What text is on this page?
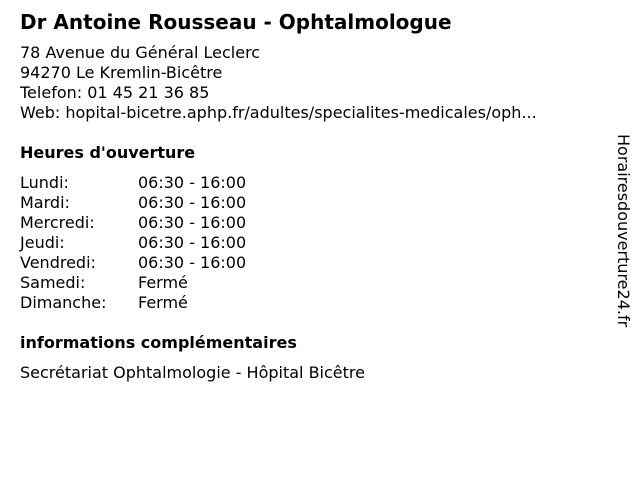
Dr Antoine Rousseau - Ophtalmologue
78 Avenue du Général Leclerc
94270 Le Kremlin-Bicêtre
Telefon: 01 45 21 36 85
Web: hopital-bicetre.aphp.fr/adultes/specialites-medicales/oph...
Heures d'ouverture
Lundi:	06:30 - 16:00
Mardi:	06:30 - 16:00
Mercredi:	06:30 - 16:00
Jeudi:	06:30 - 16:00
Vendredi:	06:30 - 16:00
Samedi:	Fermé
Dimanche:	Fermé
informations complémentaires
Secrétariat Ophtalmologie - Hôpital Bicêtre
Horairesdouverture24.fr
